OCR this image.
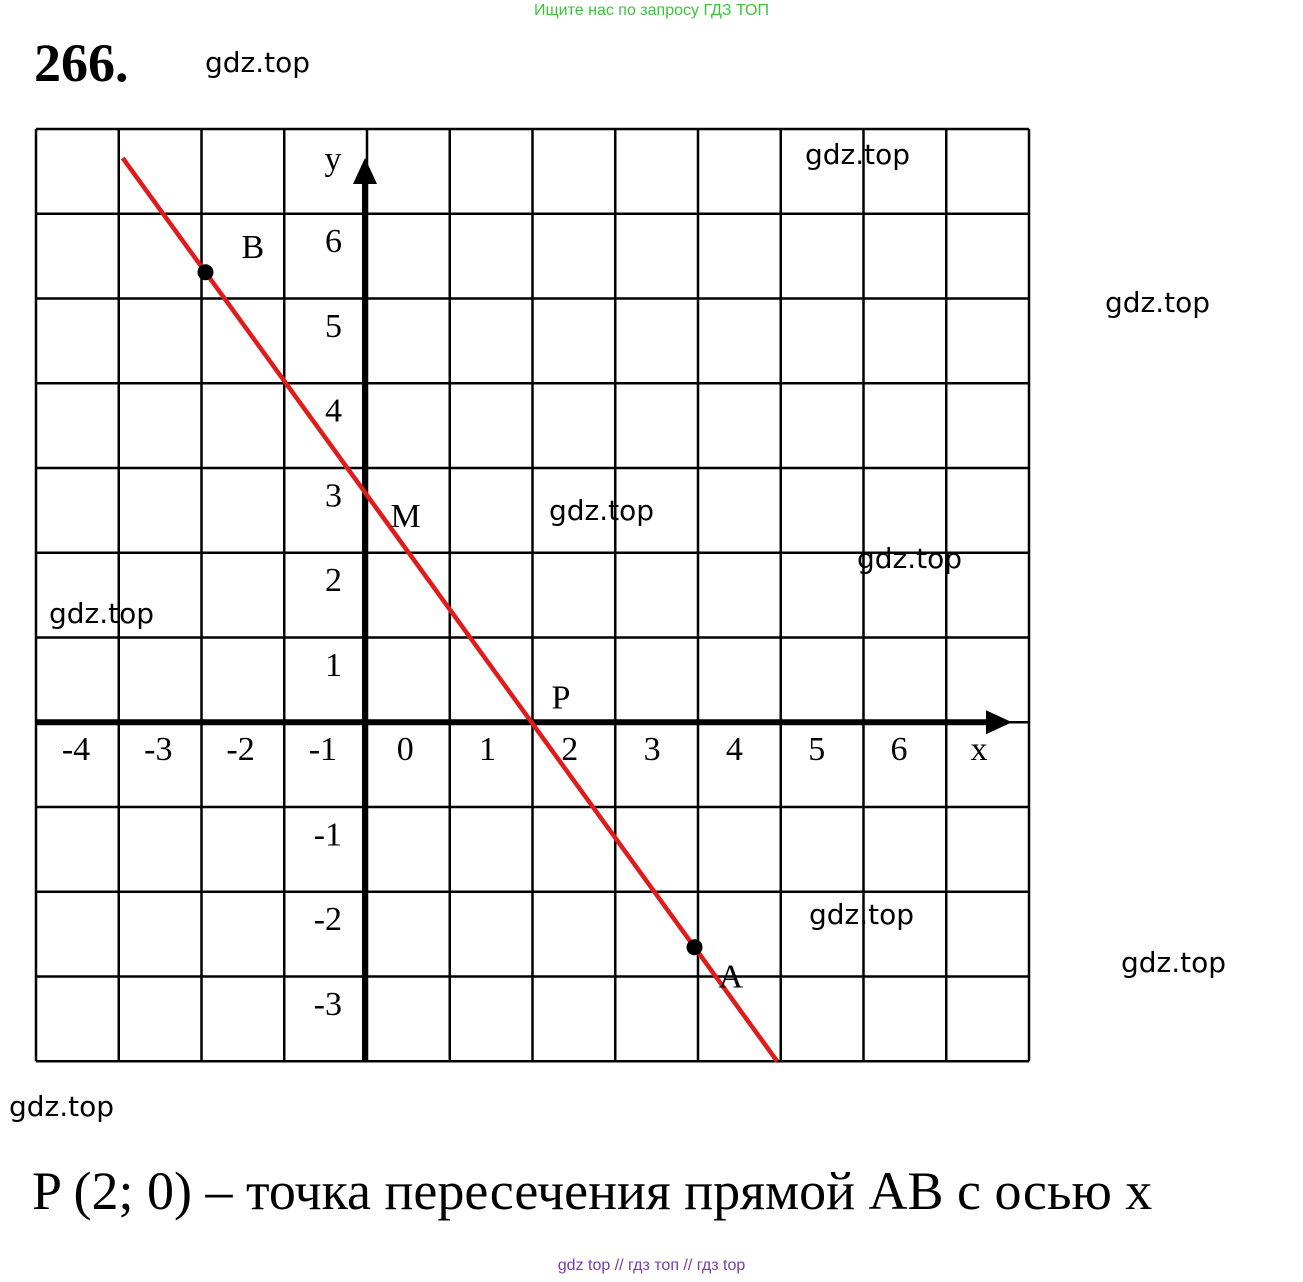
Ищите нас по запросу ГДЗ ТОП
266.	gdz.top
-4 -3 -2 -1 0 1 2 3 4 5 6 x
6
5
4
3
2
1
-1
-2
-3
y
B
M
P
A
gdz.top
gdz.top
gdz.top
gdz.top
gdz.top
gdz.top
gdz.top
gdz.top
P (2; 0) – точка пересечения прямой AB с осью x
gdz top // гдз топ // гдз top
